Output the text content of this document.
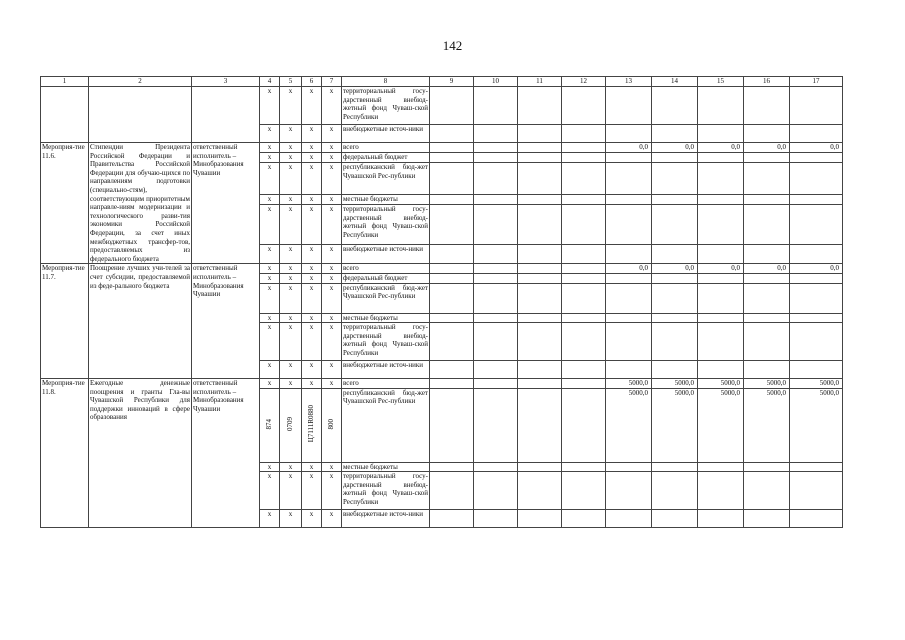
142
1	2	3	4	5	6	7	8	9	10	11	12	13	14	15	16	17
			x	x	x	x	территориальный госу-дарственный внебюд-жетный фонд Чуваш-ской Республики									
			x	x	x	x	внебюджетные источ-ники									
Мероприя-тие 11.6.	Стипендии Президента Российской Федерации и Правительства Российской Федерации для обучаю-щихся по направлениям подготовки (специально-стям), соответствующим приоритетным направле-ниям модернизации и технологического разви-тия экономики Российской Федерации, за счет иных межбюджетных трансфер-тов, предоставляемых из федерального бюджета	ответственный исполнитель – Минобразования Чувашии	x	x	x	x	всего					0,0	0,0	0,0	0,0	0,0
			x	x	x	x	федеральный бюджет									
			x	x	x	x	республиканский бюд-жет Чувашской Рес-публики									
			x	x	x	x	местные бюджеты									
			x	x	x	x	территориальный госу-дарственный внебюд-жетный фонд Чуваш-ской Республики									
			x	x	x	x	внебюджетные источ-ники									
Мероприя-тие 11.7.	Поощрение лучших учи-телей за счет субсидии, предоставляемой из феде-рального бюджета	ответственный исполнитель – Минобразования Чувашии	x	x	x	x	всего					0,0	0,0	0,0	0,0	0,0
			x	x	x	x	федеральный бюджет									
			x	x	x	x	республиканский бюд-жет Чувашской Рес-публики									
			x	x	x	x	местные бюджеты									
			x	x	x	x	территориальный госу-дарственный внебюд-жетный фонд Чуваш-ской Республики									
			x	x	x	x	внебюджетные источ-ники									
Мероприя-тие 11.8.	Ежегодные денежные поощрения и гранты Гла-вы Чувашской Республики для поддержки инноваций в сфере образования	ответственный исполнитель – Минобразования Чувашии	x	x	x	x	всего					5000,0	5000,0	5000,0	5000,0	5000,0
			874	0709	Ц7111R0880	800	республиканский бюд-жет Чувашской Рес-публики					5000,0	5000,0	5000,0	5000,0	5000,0
			x	x	x	x	местные бюджеты									
			x	x	x	x	территориальный госу-дарственный внебюд-жетный фонд Чуваш-ской Республики									
			x	x	x	x	внебюджетные источ-ники									
